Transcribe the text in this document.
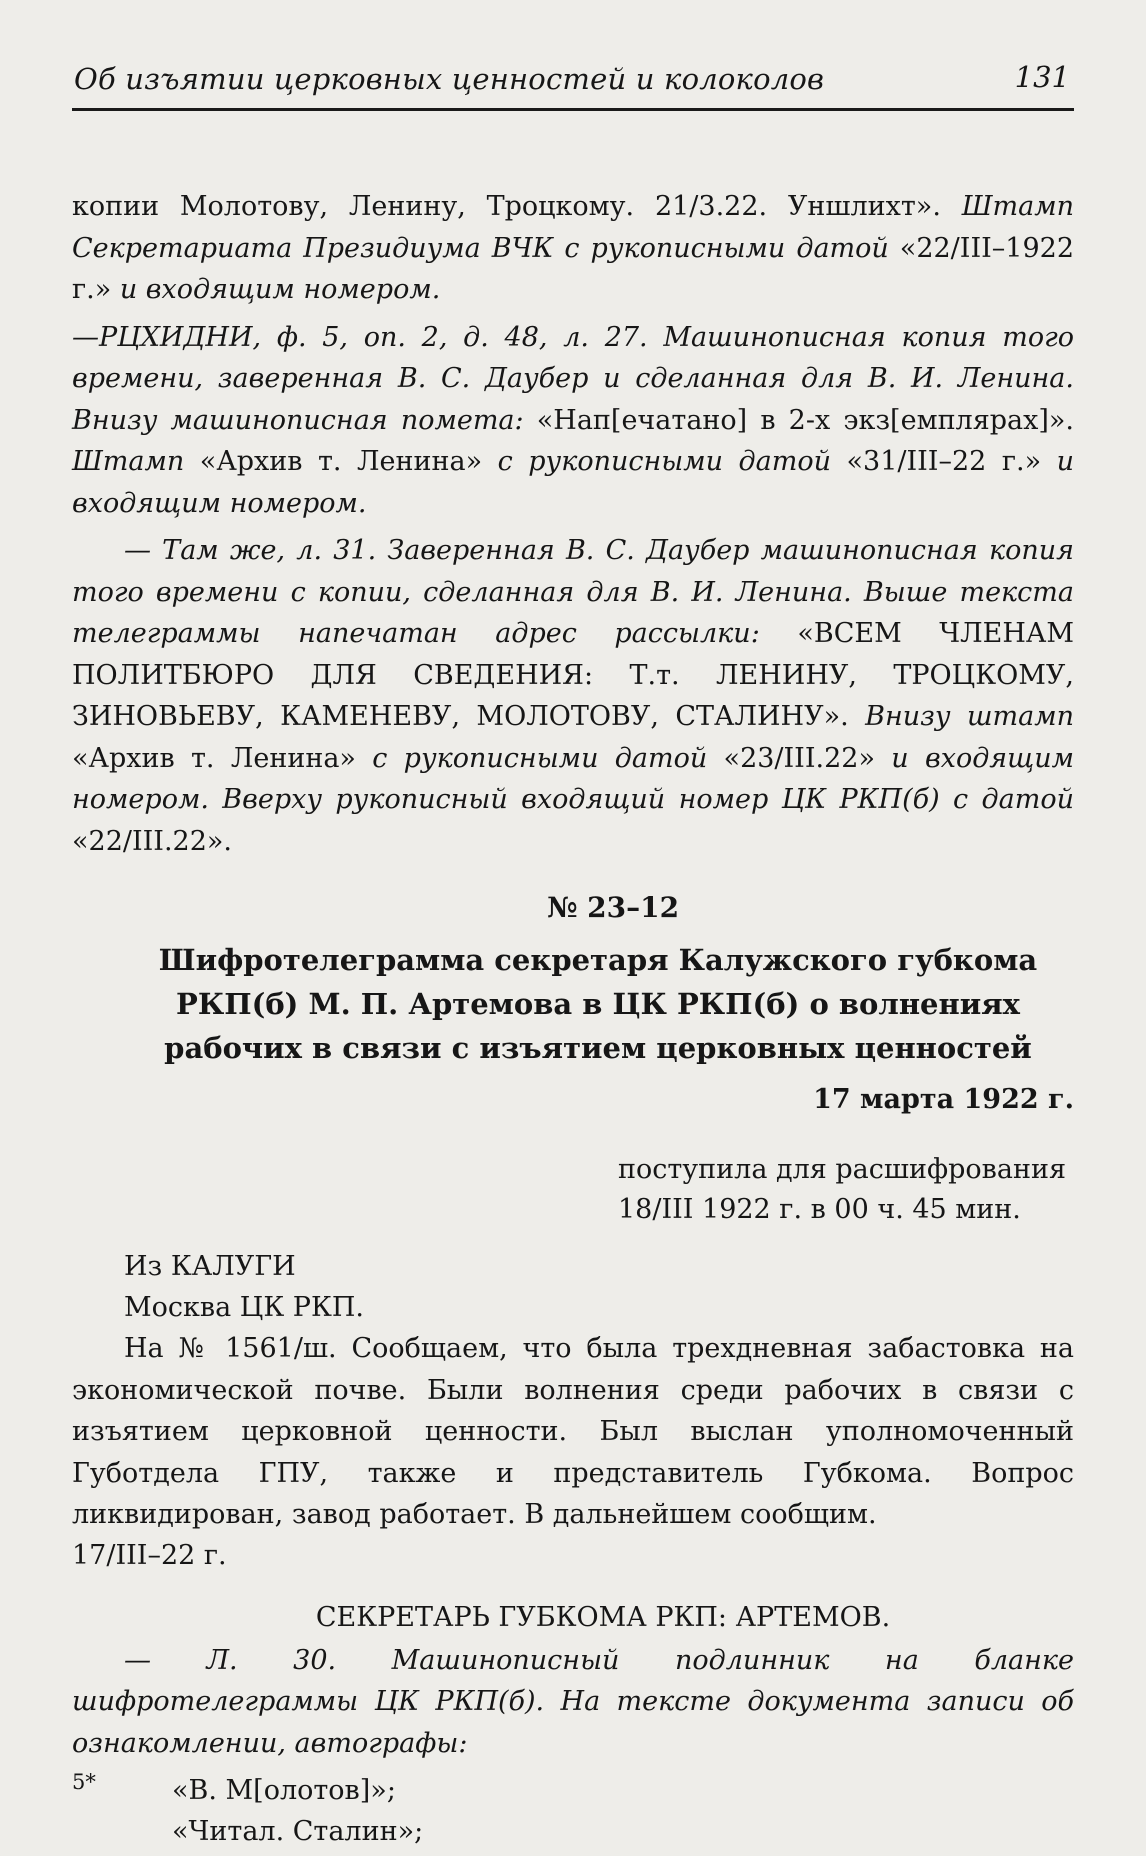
Об изъятии церковных ценностей и колоколов	131

копии Молотову, Ленину, Троцкому. 21/3.22. Уншлихт». Штамп Секретариата Президиума ВЧК с рукописными датой «22/III–1922 г.» и входящим номером.

—РЦХИДНИ, ф. 5, оп. 2, д. 48, л. 27. Машинописная копия того времени, заверенная В. С. Даубер и сделанная для В. И. Ленина. Внизу машинописная помета: «Нап[ечатано] в 2-х экз[емплярах]». Штамп «Архив т. Ленина» с рукописными датой «31/III–22 г.» и входящим номером.

— Там же, л. 31. Заверенная В. С. Даубер машинописная копия того времени с копии, сделанная для В. И. Ленина. Выше текста телеграммы напечатан адрес рассылки: «ВСЕМ ЧЛЕНАМ ПОЛИТБЮРО ДЛЯ СВЕДЕНИЯ: Т.т. ЛЕНИНУ, ТРОЦКОМУ, ЗИНОВЬЕВУ, КАМЕНЕВУ, МОЛОТОВУ, СТАЛИНУ». Внизу штамп «Архив т. Ленина» с рукописными датой «23/III.22» и входящим номером. Вверху рукописный входящий номер ЦК РКП(б) с датой «22/III.22».

№ 23–12
Шифротелеграмма секретаря Калужского губкома РКП(б) М. П. Артемова в ЦК РКП(б) о волнениях рабочих в связи с изъятием церковных ценностей
17 марта 1922 г.
поступила для расшифрования
18/III 1922 г. в 00 ч. 45 мин.
Из КАЛУГИ
Москва ЦК РКП.

На № 1561/ш. Сообщаем, что была трехдневная забастовка на экономической почве. Были волнения среди рабочих в связи с изъятием церковной ценности. Был выслан уполномоченный Губотдела ГПУ, также и представитель Губкома. Вопрос ликвидирован, завод работает. В дальнейшем сообщим.

17/III–22 г.
СЕКРЕТАРЬ ГУБКОМА РКП: АРТЕМОВ.

— Л. 30. Машинописный подлинник на бланке шифротелеграммы ЦК РКП(б). На тексте документа записи об ознакомлении, автографы:

«В. М[олотов]»;
«Читал. Сталин»;
5*
